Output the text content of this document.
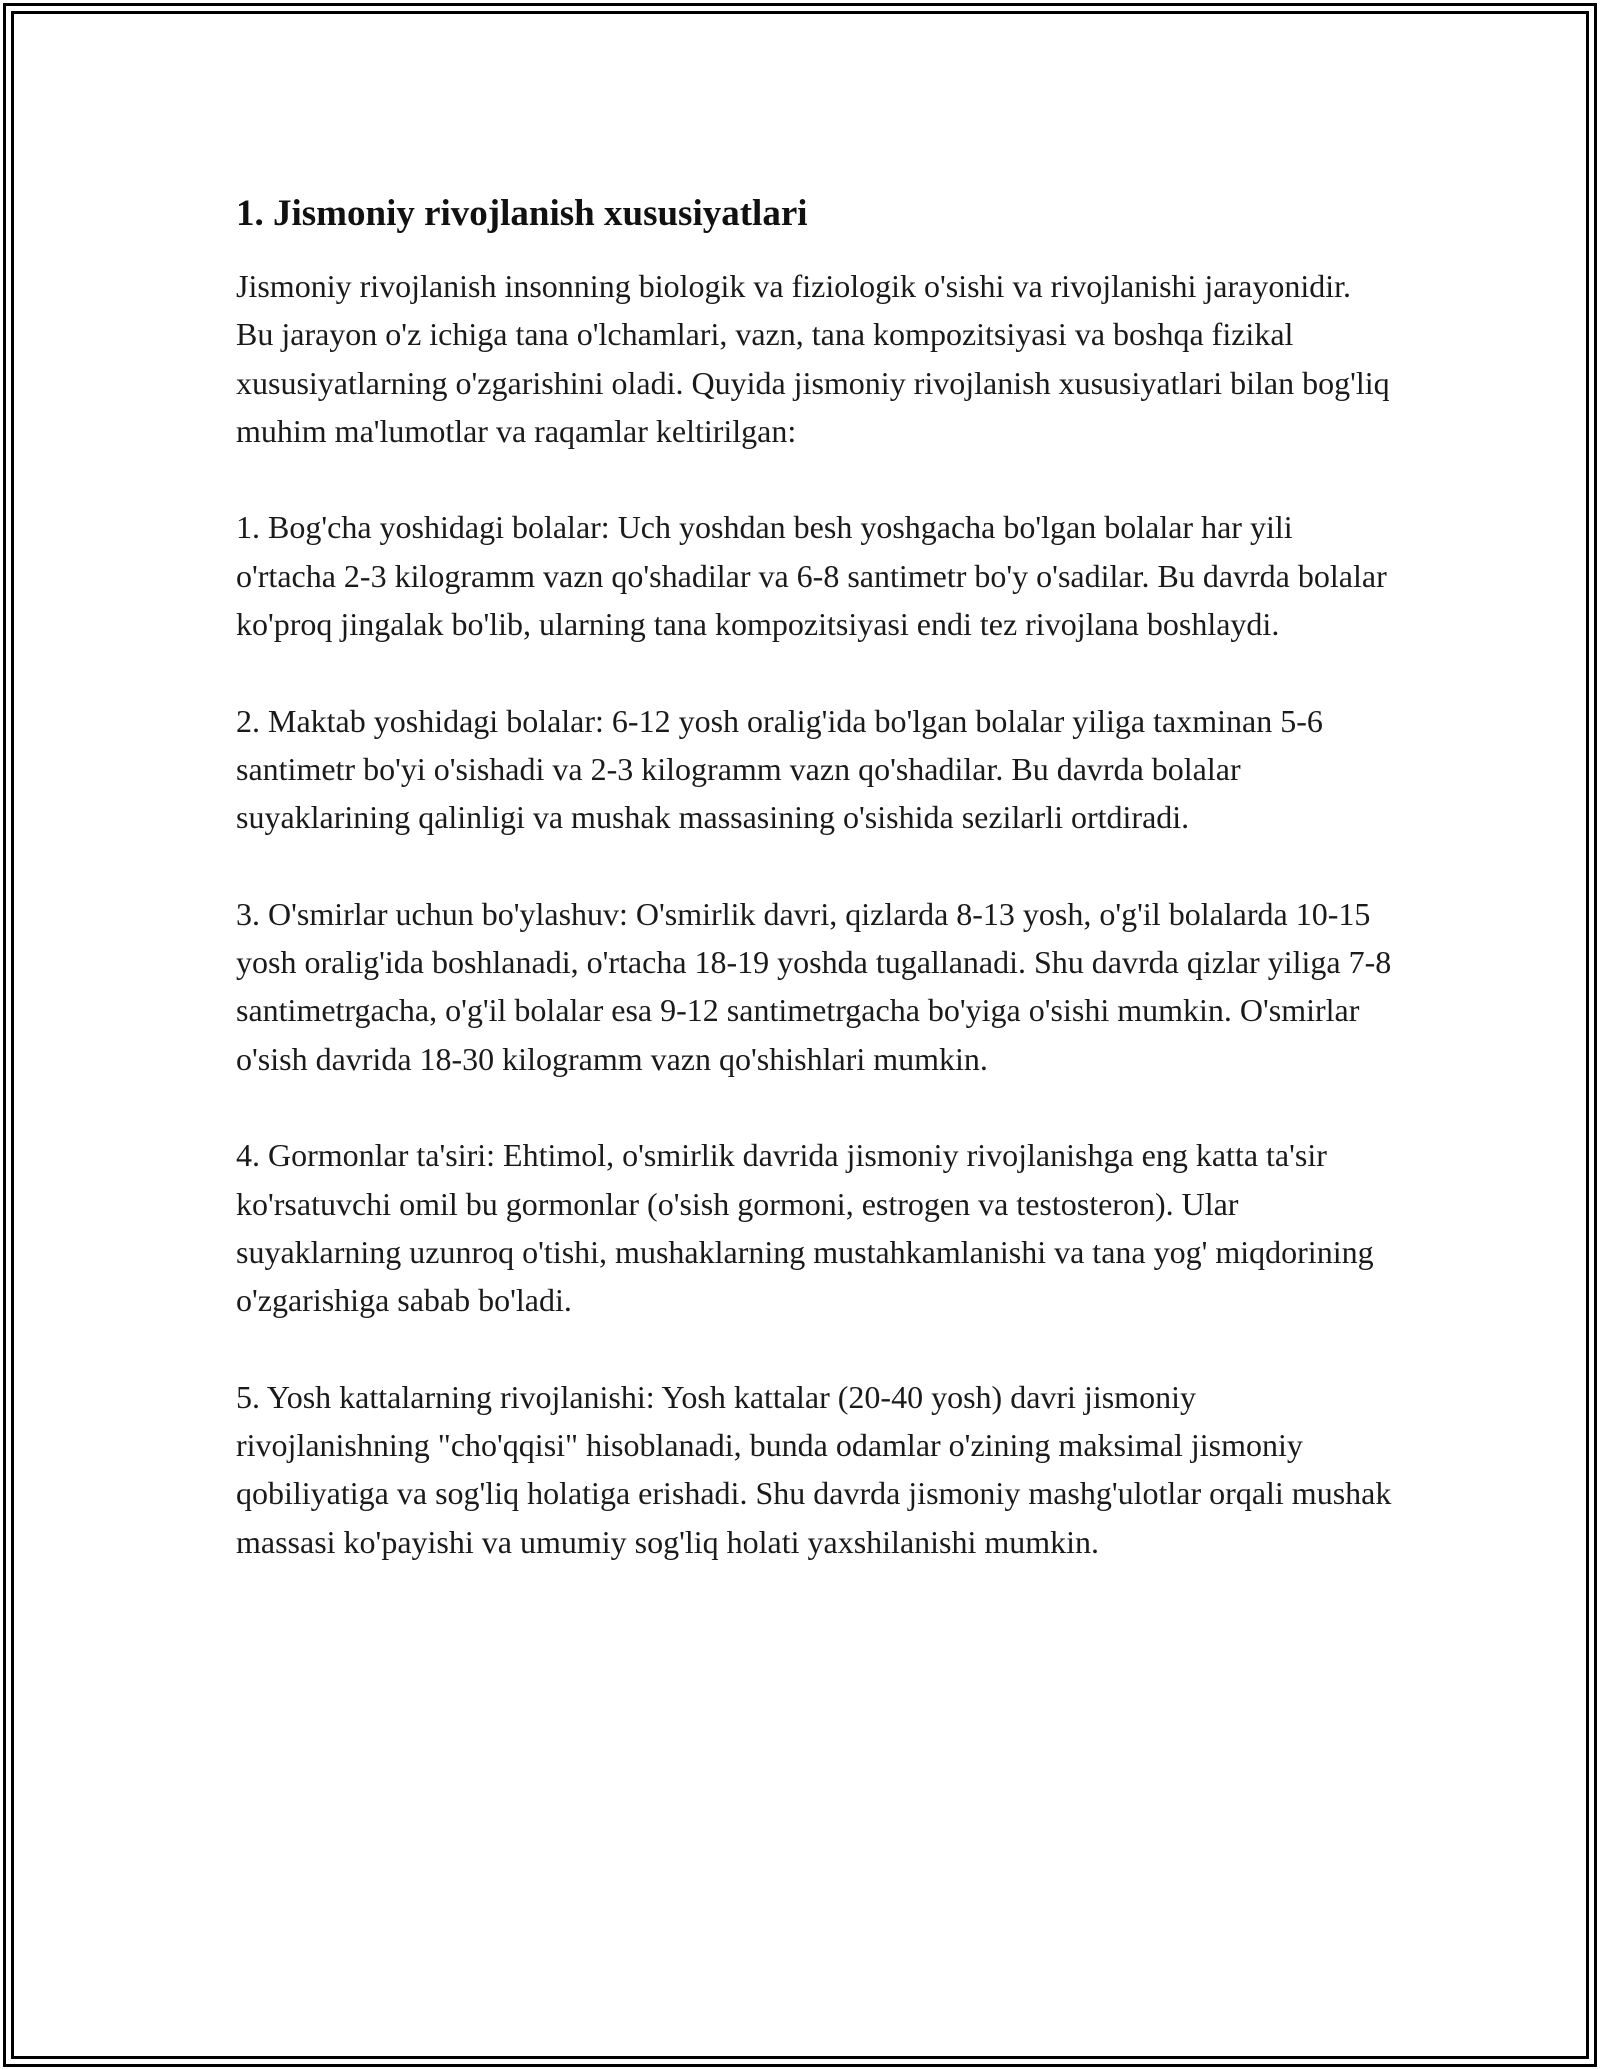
1. Jismoniy rivojlanish xususiyatlari

Jismoniy rivojlanish insonning biologik va fiziologik o'sishi va rivojlanishi jarayonidir. Bu jarayon o'z ichiga tana o'lchamlari, vazn, tana kompozitsiyasi va boshqa fizikal xususiyatlarning o'zgarishini oladi. Quyida jismoniy rivojlanish xususiyatlari bilan bog'liq muhim ma'lumotlar va raqamlar keltirilgan:

1. Bog'cha yoshidagi bolalar: Uch yoshdan besh yoshgacha bo'lgan bolalar har yili o'rtacha 2-3 kilogramm vazn qo'shadilar va 6-8 santimetr bo'y o'sadilar. Bu davrda bolalar ko'proq jingalak bo'lib, ularning tana kompozitsiyasi endi tez rivojlana boshlaydi.

2. Maktab yoshidagi bolalar: 6-12 yosh oralig'ida bo'lgan bolalar yiliga taxminan 5-6 santimetr bo'yi o'sishadi va 2-3 kilogramm vazn qo'shadilar. Bu davrda bolalar suyaklarining qalinligi va mushak massasining o'sishida sezilarli ortdiradi.

3. O'smirlar uchun bo'ylashuv: O'smirlik davri, qizlarda 8-13 yosh, o'g'il bolalarda 10-15 yosh oralig'ida boshlanadi, o'rtacha 18-19 yoshda tugallanadi. Shu davrda qizlar yiliga 7-8 santimetrgacha, o'g'il bolalar esa 9-12 santimetrgacha bo'yiga o'sishi mumkin. O'smirlar o'sish davrida 18-30 kilogramm vazn qo'shishlari mumkin.

4. Gormonlar ta'siri: Ehtimol, o'smirlik davrida jismoniy rivojlanishga eng katta ta'sir ko'rsatuvchi omil bu gormonlar (o'sish gormoni, estrogen va testosteron). Ular suyaklarning uzunroq o'tishi, mushaklarning mustahkamlanishi va tana yog' miqdorining o'zgarishiga sabab bo'ladi.

5. Yosh kattalarning rivojlanishi: Yosh kattalar (20-40 yosh) davri jismoniy rivojlanishning "cho'qqisi" hisoblanadi, bunda odamlar o'zining maksimal jismoniy qobiliyatiga va sog'liq holatiga erishadi. Shu davrda jismoniy mashg'ulotlar orqali mushak massasi ko'payishi va umumiy sog'liq holati yaxshilanishi mumkin.
